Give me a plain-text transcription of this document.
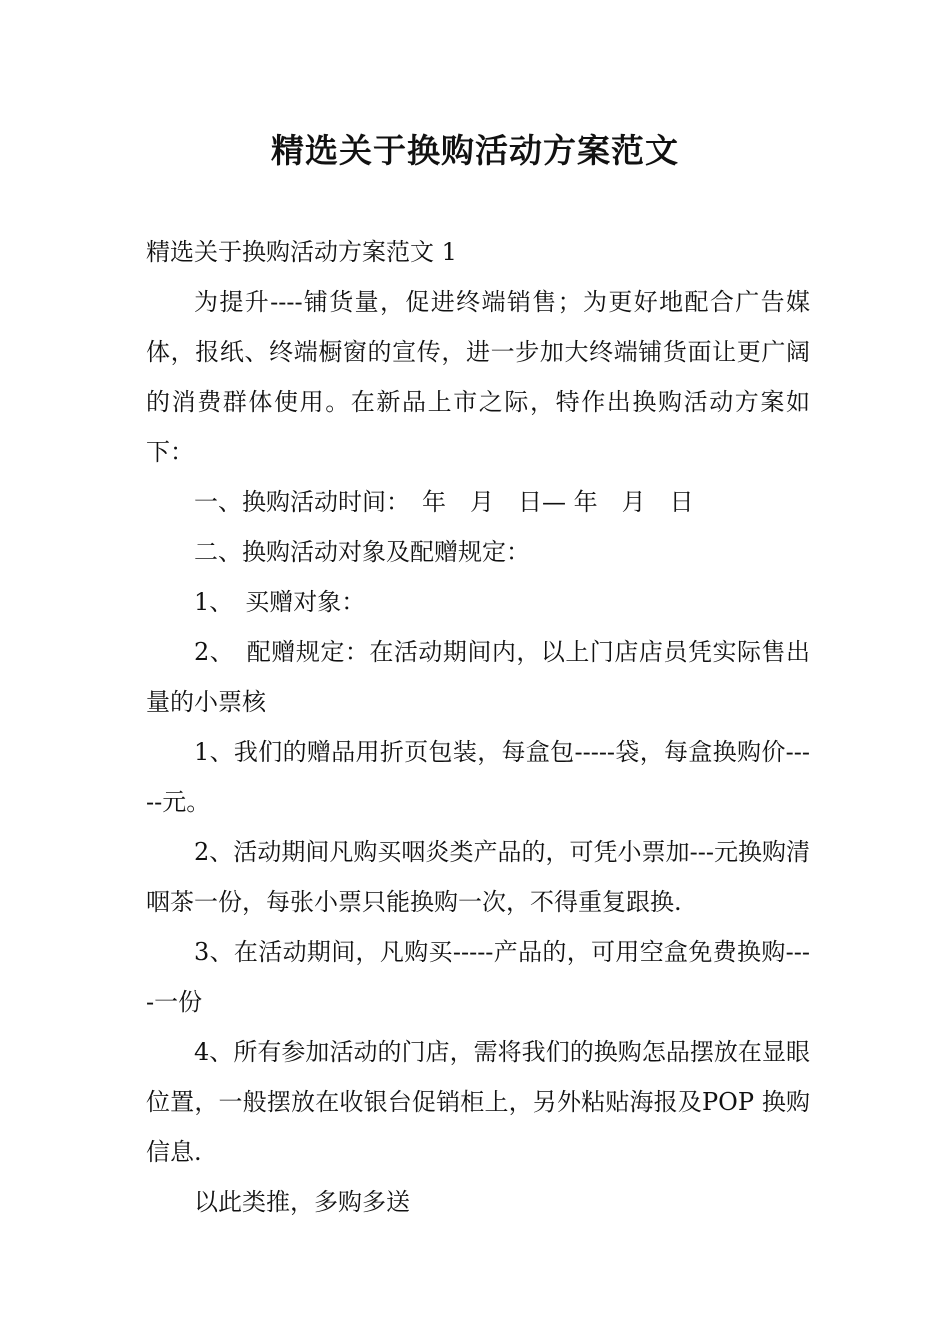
精选关于换购活动方案范文

精选关于换购活动方案范文 1

为提升----铺货量，促进终端销售；为更好地配合广告媒体，报纸、终端橱窗的宣传，进一步加大终端铺货面让更广阔的消费群体使用。在新品上市之际，特作出换购活动方案如下：

一、换购活动时间：　年　月　日— 年　月　日

二、换购活动对象及配赠规定：

1、　买赠对象：

2、　配赠规定：在活动期间内，以上门店店员凭实际售出量的小票核

1、我们的赠品用折页包装，每盒包-----袋，每盒换购价-----元。

2、活动期间凡购买咽炎类产品的，可凭小票加---元换购清咽茶一份，每张小票只能换购一次，不得重复跟换.

3、在活动期间，凡购买-----产品的，可用空盒免费换购----一份

4、所有参加活动的门店，需将我们的换购怎品摆放在显眼位置，一般摆放在收银台促销柜上，另外粘贴海报及POP 换购信息.

以此类推，多购多送
